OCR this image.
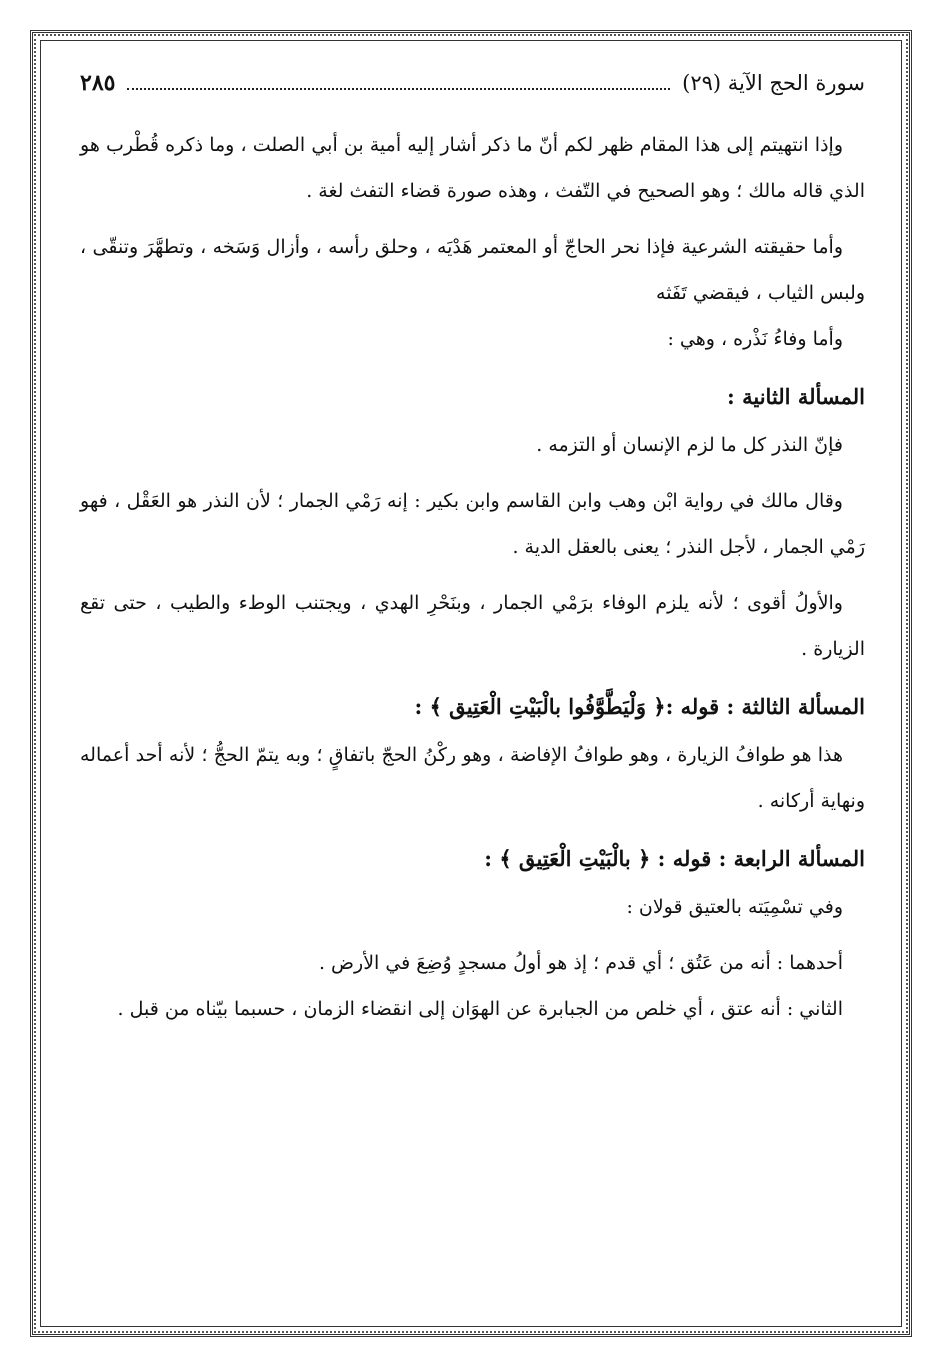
سورة الحج الآية (٢٩)
٢٨٥

وإذا انتهيتم إلى هذا المقام ظهر لكم أنّ ما ذكر أشار إليه أمية بن أبي الصلت ، وما ذكره قُطْرب هو الذي قاله مالك ؛ وهو الصحيح في التّفث ، وهذه صورة قضاء التفث لغة .

وأما حقيقته الشرعية فإذا نحر الحاجّ أو المعتمر هَدْيَه ، وحلق رأسه ، وأزال وَسَخه ، وتطهَّرَ وتنقّى ، ولبس الثياب ، فيقضي تَفَثه

وأما وفاءُ نَذْره ، وهي :

المسألة الثانية :

فإنّ النذر كل ما لزم الإنسان أو التزمه .

وقال مالك في رواية ابْن وهب وابن القاسم وابن بكير : إنه رَمْي الجمار ؛ لأن النذر هو العَقْل ، فهو رَمْي الجمار ، لأجل النذر ؛ يعنى بالعقل الدية .

والأولُ أقوى ؛ لأنه يلزم الوفاء برَمْي الجمار ، وبنَحْرِ الهدي ، ويجتنب الوطء والطيب ، حتى تقع الزيارة .

المسألة الثالثة : قوله :﴿ وَلْيَطَّوَّفُوا بالْبَيْتِ الْعَتِيق ﴾ :

هذا هو طوافُ الزيارة ، وهو طوافُ الإفاضة ، وهو ركْنُ الحجّ باتفاقٍ ؛ وبه يتمّ الحجُّ ؛ لأنه أحد أعماله ونهاية أركانه .

المسألة الرابعة : قوله : ﴿ بالْبَيْتِ الْعَتِيق ﴾ :

وفي تسْمِيَته بالعتيق قولان :

أحدهما : أنه من عَتُق ؛ أي قدم ؛ إذ هو أولُ مسجدٍ وُضِعَ في الأرض .

الثاني : أنه عتق ، أي خلص من الجبابرة عن الهوَان إلى انقضاء الزمان ، حسبما بيّناه من قبل .
